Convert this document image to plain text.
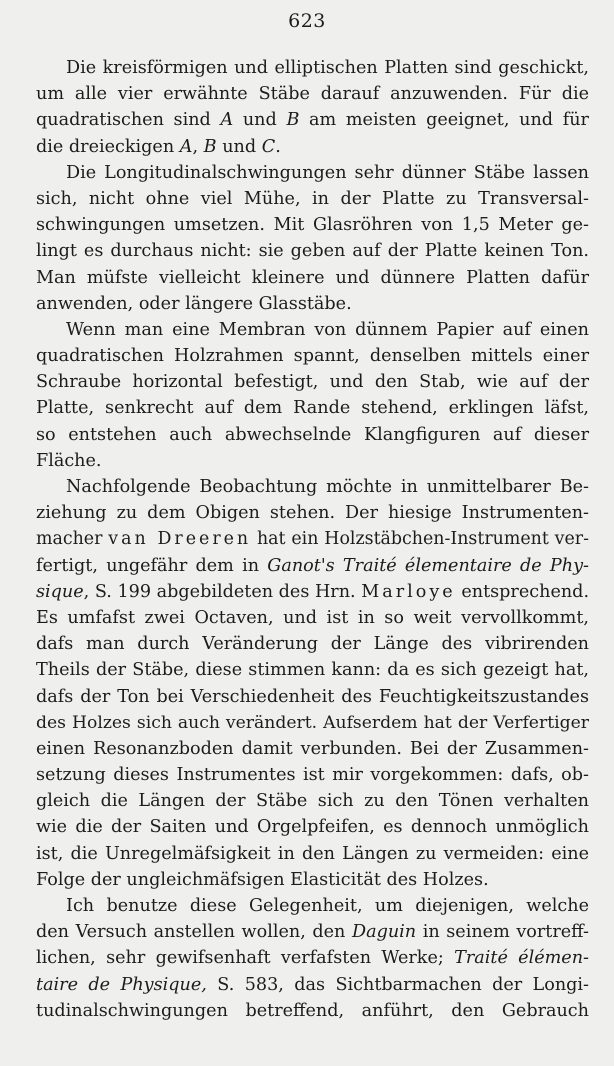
623
Die kreisförmigen und elliptischen Platten sind geschickt,
um alle vier erwähnte Stäbe darauf anzuwenden. Für die
quadratischen sind A und B am meisten geeignet, und für
die dreieckigen A, B und C.
Die Longitudinalschwingungen sehr dünner Stäbe lassen
sich, nicht ohne viel Mühe, in der Platte zu Transversal-
schwingungen umsetzen. Mit Glasröhren von 1,5 Meter ge-
lingt es durchaus nicht: sie geben auf der Platte keinen Ton.
Man müfste vielleicht kleinere und dünnere Platten dafür
anwenden, oder längere Glasstäbe.
Wenn man eine Membran von dünnem Papier auf einen
quadratischen Holzrahmen spannt, denselben mittels einer
Schraube horizontal befestigt, und den Stab, wie auf der
Platte, senkrecht auf dem Rande stehend, erklingen läfst,
so entstehen auch abwechselnde Klangfiguren auf dieser
Fläche.
Nachfolgende Beobachtung möchte in unmittelbarer Be-
ziehung zu dem Obigen stehen. Der hiesige Instrumenten-
macher van Dreeren hat ein Holzstäbchen-Instrument ver-
fertigt, ungefähr dem in Ganot's Traité élementaire de Phy-
sique, S. 199 abgebildeten des Hrn. Marloye entsprechend.
Es umfafst zwei Octaven, und ist in so weit vervollkommt,
dafs man durch Veränderung der Länge des vibrirenden
Theils der Stäbe, diese stimmen kann: da es sich gezeigt hat,
dafs der Ton bei Verschiedenheit des Feuchtigkeitszustandes
des Holzes sich auch verändert. Aufserdem hat der Verfertiger
einen Resonanzboden damit verbunden. Bei der Zusammen-
setzung dieses Instrumentes ist mir vorgekommen: dafs, ob-
gleich die Längen der Stäbe sich zu den Tönen verhalten
wie die der Saiten und Orgelpfeifen, es dennoch unmöglich
ist, die Unregelmäfsigkeit in den Längen zu vermeiden: eine
Folge der ungleichmäfsigen Elasticität des Holzes.
Ich benutze diese Gelegenheit, um diejenigen, welche
den Versuch anstellen wollen, den Daguin in seinem vortreff-
lichen, sehr gewifsenhaft verfafsten Werke; Traité élémen-
taire de Physique, S. 583, das Sichtbarmachen der Longi-
tudinalschwingungen betreffend, anführt, den Gebrauch
